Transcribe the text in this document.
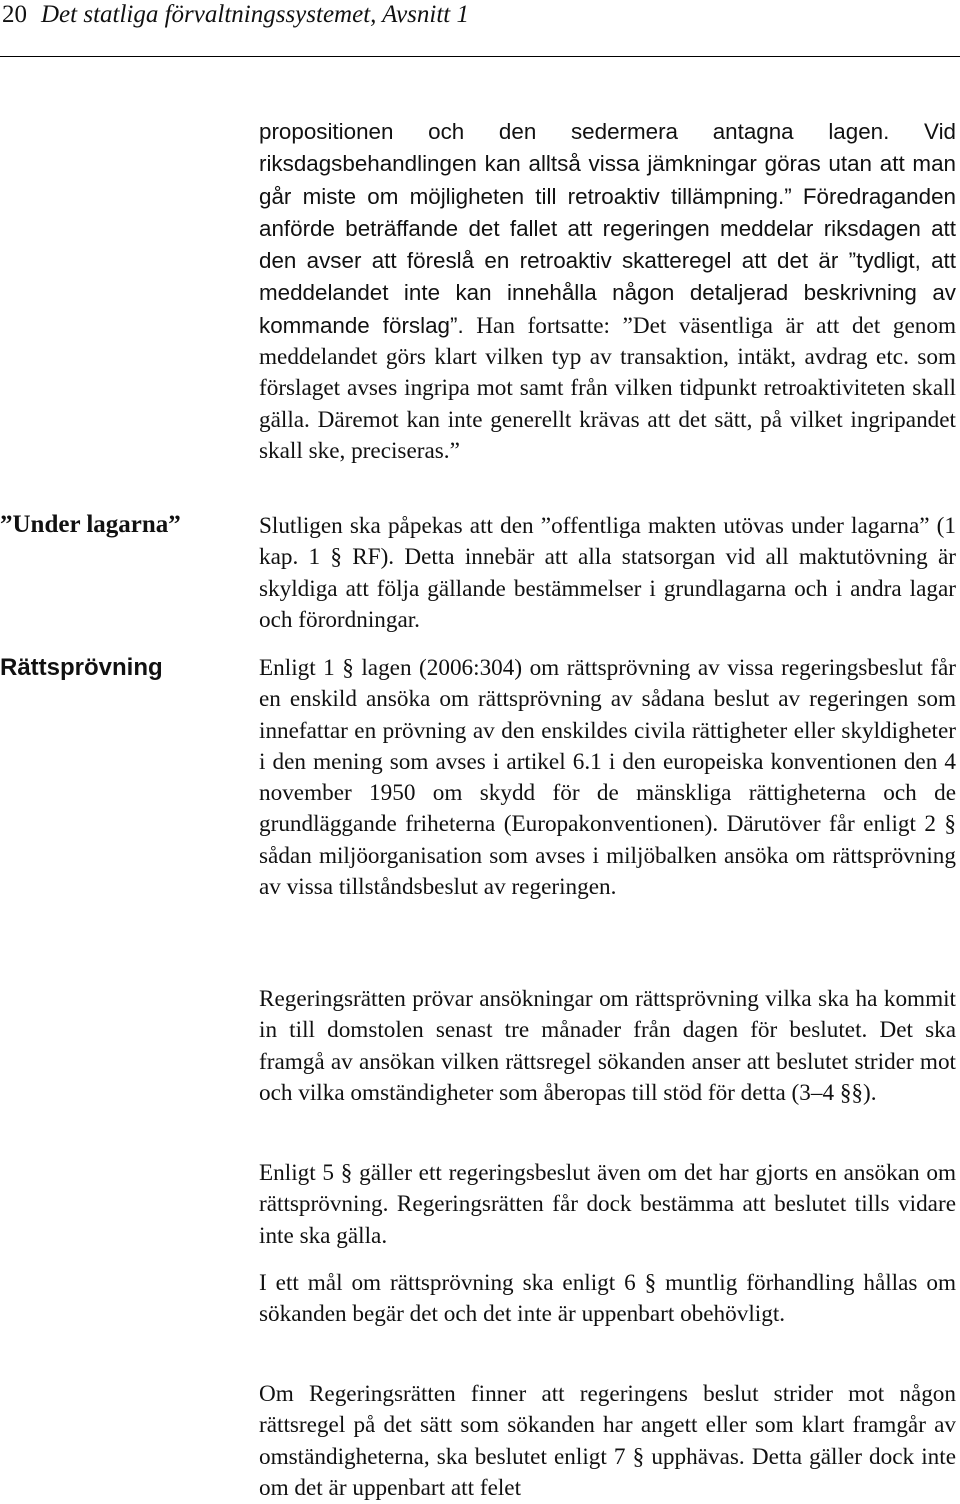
20 Det statliga förvaltningssystemet, Avsnitt 1

propositionen och den sedermera antagna lagen. Vid riksdagsbehandlingen kan alltså vissa jämkningar göras utan att man går miste om möjligheten till retroaktiv tillämpning.” Föredraganden anförde beträffande det fallet att regeringen meddelar riksdagen att den avser att föreslå en retroaktiv skatteregel att det är ”tydligt, att meddelandet inte kan innehålla någon detaljerad beskrivning av kommande förslag”. Han fortsatte: ”Det väsentliga är att det genom meddelandet görs klart vilken typ av transaktion, intäkt, avdrag etc. som förslaget avses ingripa mot samt från vilken tidpunkt retroaktiviteten skall gälla. Däremot kan inte generellt krävas att det sätt, på vilket ingripandet skall ske, preciseras.”

”Under lagarna”	Slutligen ska påpekas att den ”offentliga makten utövas under lagarna” (1 kap. 1 § RF). Detta innebär att alla statsorgan vid all maktutövning är skyldiga att följa gällande bestämmelser i grundlagarna och i andra lagar och förordningar.

Rättsprövning	Enligt 1 § lagen (2006:304) om rättsprövning av vissa regeringsbeslut får en enskild ansöka om rättsprövning av sådana beslut av regeringen som innefattar en prövning av den enskildes civila rättigheter eller skyldigheter i den mening som avses i artikel 6.1 i den europeiska konventionen den 4 november 1950 om skydd för de mänskliga rättigheterna och de grundläggande friheterna (Europakonventionen). Därutöver får enligt 2 § sådan miljöorganisation som avses i miljöbalken ansöka om rättsprövning av vissa tillståndsbeslut av regeringen.

Regeringsrätten prövar ansökningar om rättsprövning vilka ska ha kommit in till domstolen senast tre månader från dagen för beslutet. Det ska framgå av ansökan vilken rättsregel sökanden anser att beslutet strider mot och vilka omständigheter som åberopas till stöd för detta (3–4 §§).

Enligt 5 § gäller ett regeringsbeslut även om det har gjorts en ansökan om rättsprövning. Regeringsrätten får dock bestämma att beslutet tills vidare inte ska gälla.

I ett mål om rättsprövning ska enligt 6 § muntlig förhandling hållas om sökanden begär det och det inte är uppenbart obehövligt.

Om Regeringsrätten finner att regeringens beslut strider mot någon rättsregel på det sätt som sökanden har angett eller som klart framgår av omständigheterna, ska beslutet enligt 7 § upphävas. Detta gäller dock inte om det är uppenbart att felet
